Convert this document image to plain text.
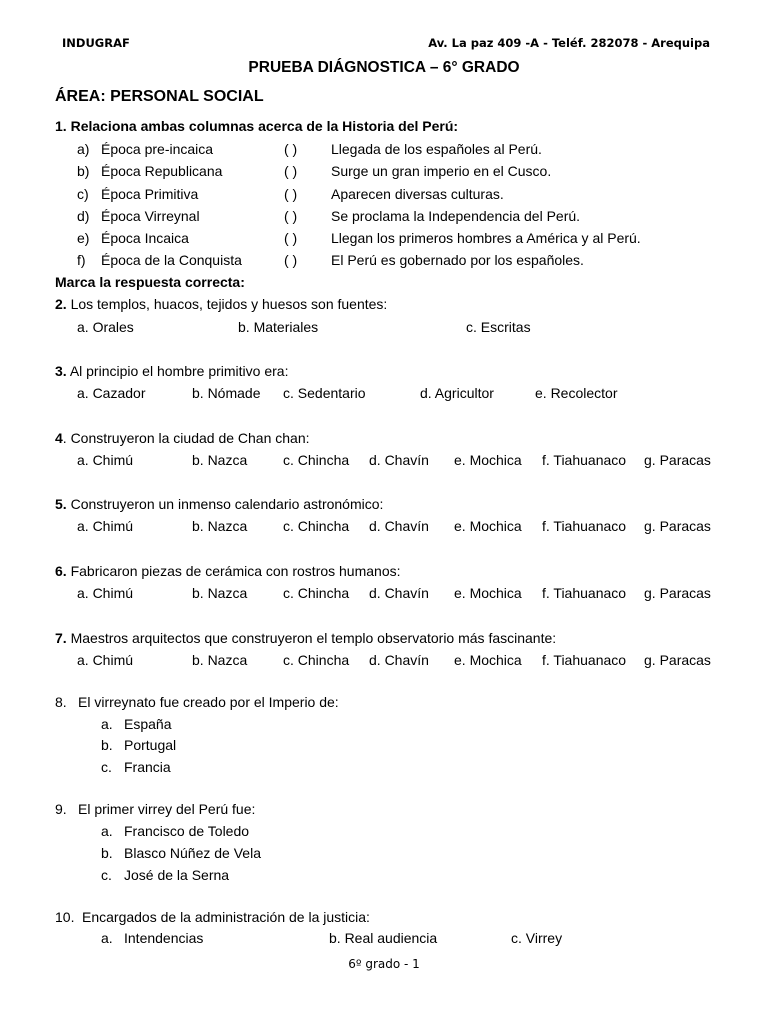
INDUGRAF	Av. La paz 409 -A - Teléf. 282078 - Arequipa
PRUEBA DIÁGNOSTICA – 6° GRADO
ÁREA: PERSONAL SOCIAL
1. Relaciona ambas columnas acerca de la Historia del Perú:
a) Época pre-incaica	( ) Llegada de los españoles al Perú.
b) Época Republicana	( ) Surge un gran imperio en el Cusco.
c) Época Primitiva	( ) Aparecen diversas culturas.
d) Época Virreynal	( ) Se proclama la Independencia del Perú.
e) Época Incaica	( ) Llegan los primeros hombres a América y al Perú.
f) Época de la Conquista	( ) El Perú es gobernado por los españoles.
Marca la respuesta correcta:
2. Los templos, huacos, tejidos y huesos son fuentes:
a. Orales	b. Materiales	c. Escritas
3. Al principio el hombre primitivo era:
a. Cazador	b. Nómade c. Sedentario	d. Agricultor	e. Recolector
4. Construyeron la ciudad de Chan chan:
a. Chimú	b. Nazca	c. Chincha d. Chavín e. Mochica f. Tiahuanaco g. Paracas
5. Construyeron un inmenso calendario astronómico:
a. Chimú	b. Nazca	c. Chincha d. Chavín e. Mochica f. Tiahuanaco g. Paracas
6. Fabricaron piezas de cerámica con rostros humanos:
a. Chimú	b. Nazca	c. Chincha d. Chavín e. Mochica f. Tiahuanaco g. Paracas
7. Maestros arquitectos que construyeron el templo observatorio más fascinante:
a. Chimú	b. Nazca	c. Chincha d. Chavín e. Mochica f. Tiahuanaco g. Paracas
8. El virreynato fue creado por el Imperio de:
a. España
b. Portugal
c. Francia
9. El primer virrey del Perú fue:
a. Francisco de Toledo
b. Blasco Núñez de Vela
c. José de la Serna
10. Encargados de la administración de la justicia:
a. Intendencias	b. Real audiencia	c. Virrey
6º grado - 1
